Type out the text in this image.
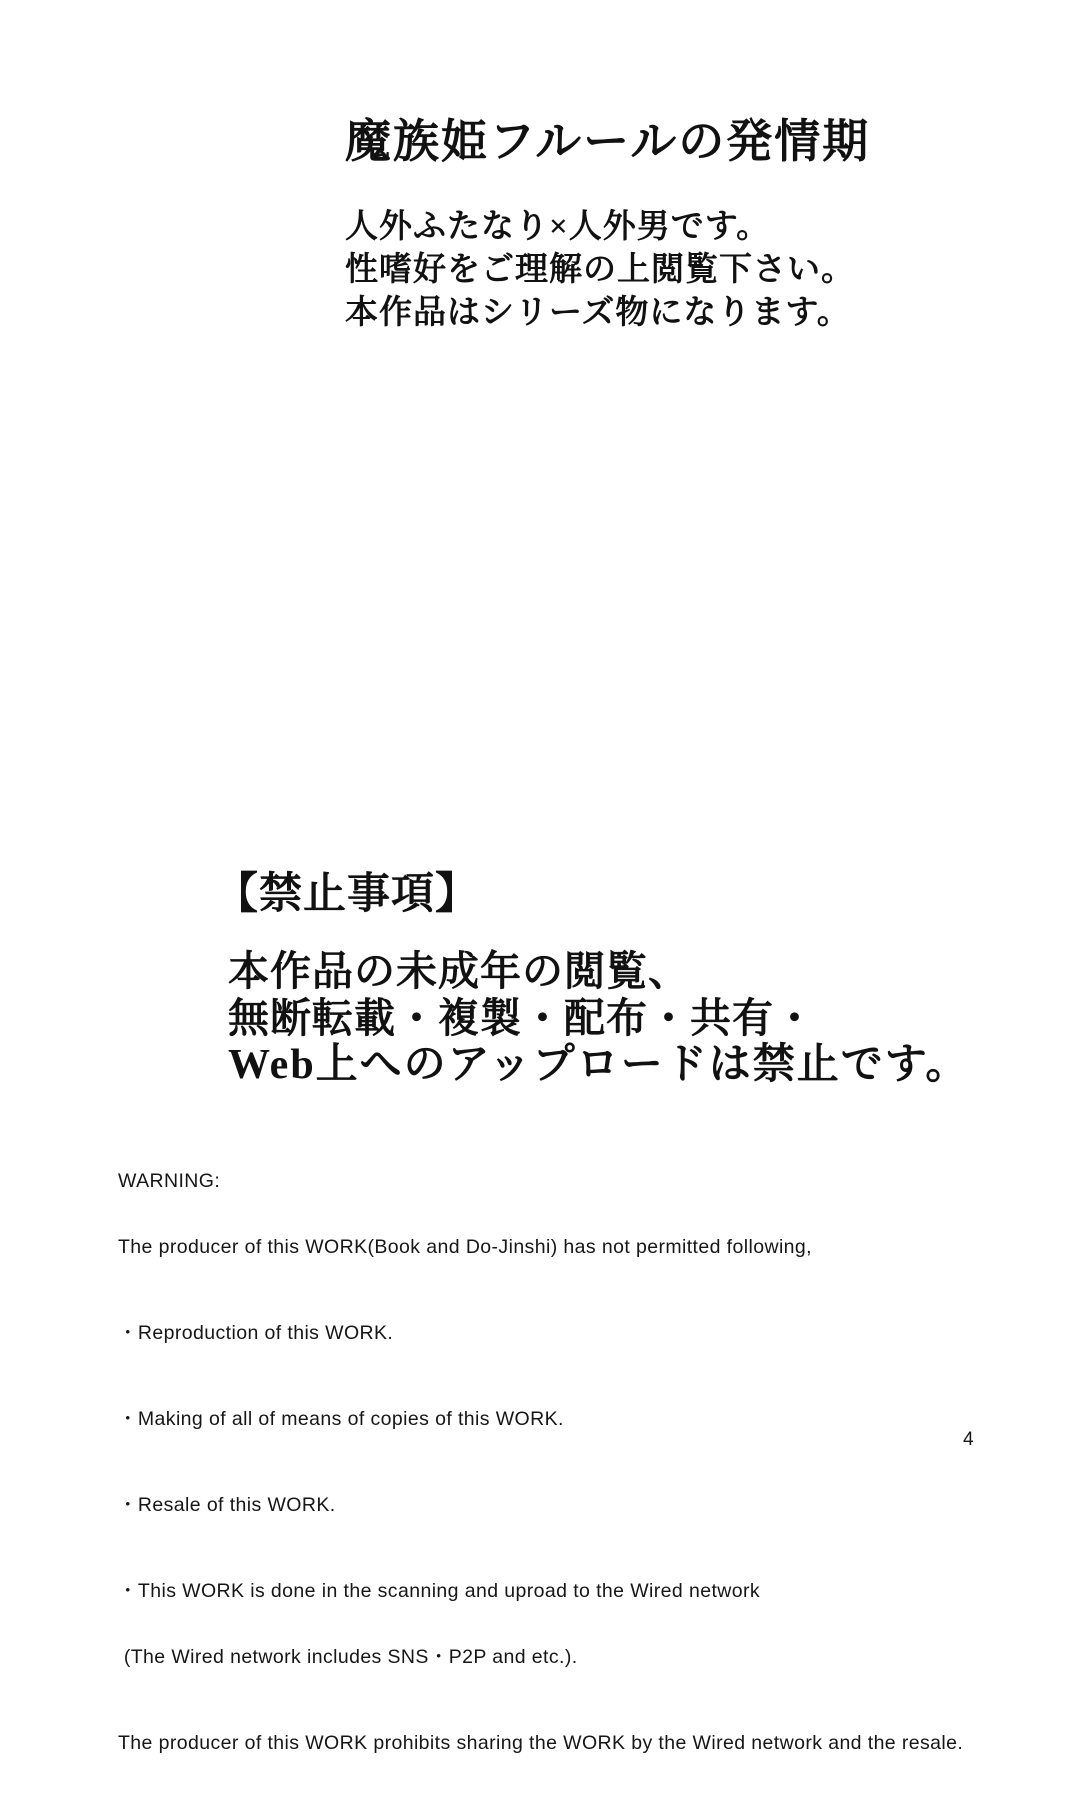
魔族姫フルールの発情期
人外ふたなり×人外男です。
性嗜好をご理解の上閲覧下さい。
本作品はシリーズ物になります。
【禁止事項】
本作品の未成年の閲覧、
無断転載・複製・配布・共有・
Web上へのアップロードは禁止です。

WARNING:

The producer of this WORK(Book and Do-Jinshi) has not permitted following,

・Reproduction of this WORK.

・Making of all of means of copies of this WORK.

・Resale of this WORK.

・This WORK is done in the scanning and uproad to the Wired network

(The Wired network includes SNS・P2P and etc.).

The producer of this WORK prohibits sharing the WORK by the Wired network and the resale.

4
